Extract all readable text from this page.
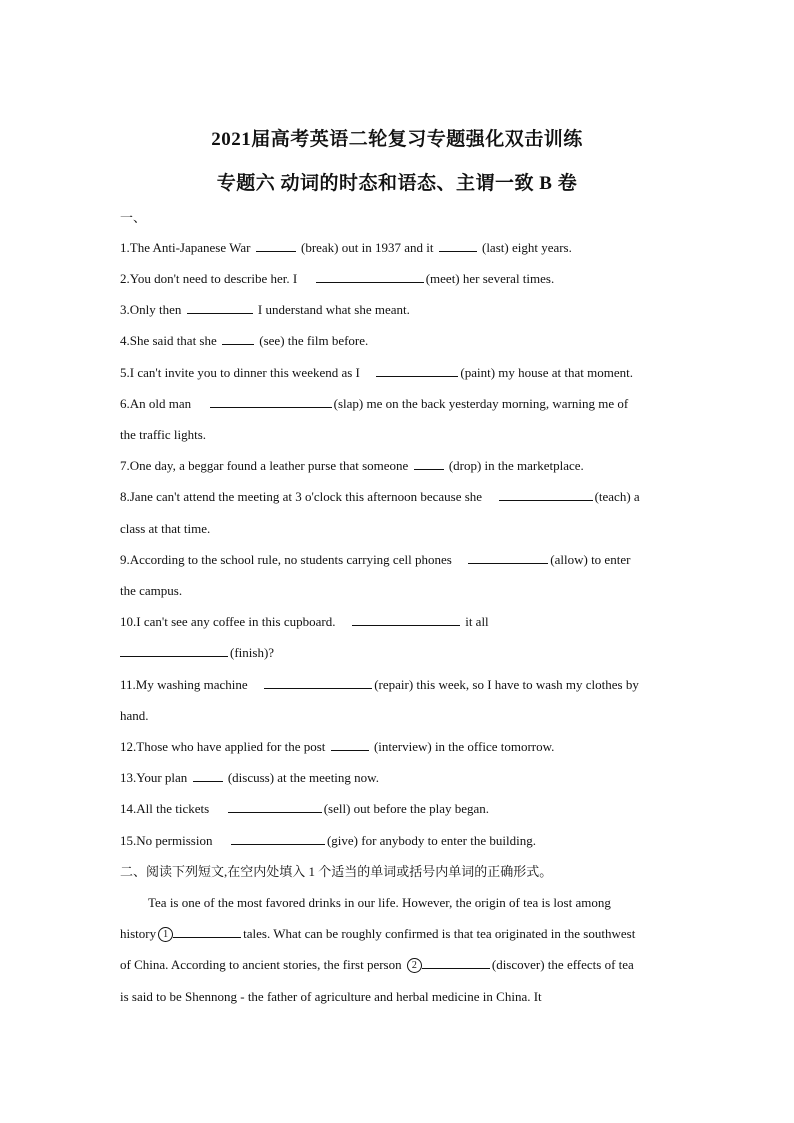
2021届高考英语二轮复习专题强化双击训练
专题六 动词的时态和语态、主谓一致 B 卷
一、
1.The Anti-Japanese War	(break) out in 1937 and it	(last) eight years.
2.You don't need to describe her. I	(meet) her several times.
3.Only then	I understand what she meant.
4.She said that she	(see) the film before.
5.I can't invite you to dinner this weekend as I	(paint) my house at that moment.
6.An old man	(slap) me on the back yesterday morning, warning me of
the traffic lights.
7.One day, a beggar found a leather purse that someone	(drop) in the marketplace.
8.Jane can't attend the meeting at 3 o'clock this afternoon because she	(teach) a
class at that time.
9.According to the school rule, no students carrying cell phones	(allow) to enter
the campus.
10.I can't see any coffee in this cupboard.	it all
(finish)?
11.My washing machine	(repair) this week, so I have to wash my clothes by
hand.
12.Those who have applied for the post	(interview) in the office tomorrow.
13.Your plan	(discuss) at the meeting now.
14.All the tickets	(sell) out before the play began.
15.No permission	(give) for anybody to enter the building.
二、阅读下列短文,在空内处填入 1 个适当的单词或括号内单词的正确形式。
Tea is one of the most favored drinks in our life. However, the origin of tea is lost among
history 1	tales. What can be roughly confirmed is that tea originated in the southwest
of China. According to ancient stories, the first person 2	(discover) the effects of tea
is said to be Shennong - the father of agriculture and herbal medicine in China. It
